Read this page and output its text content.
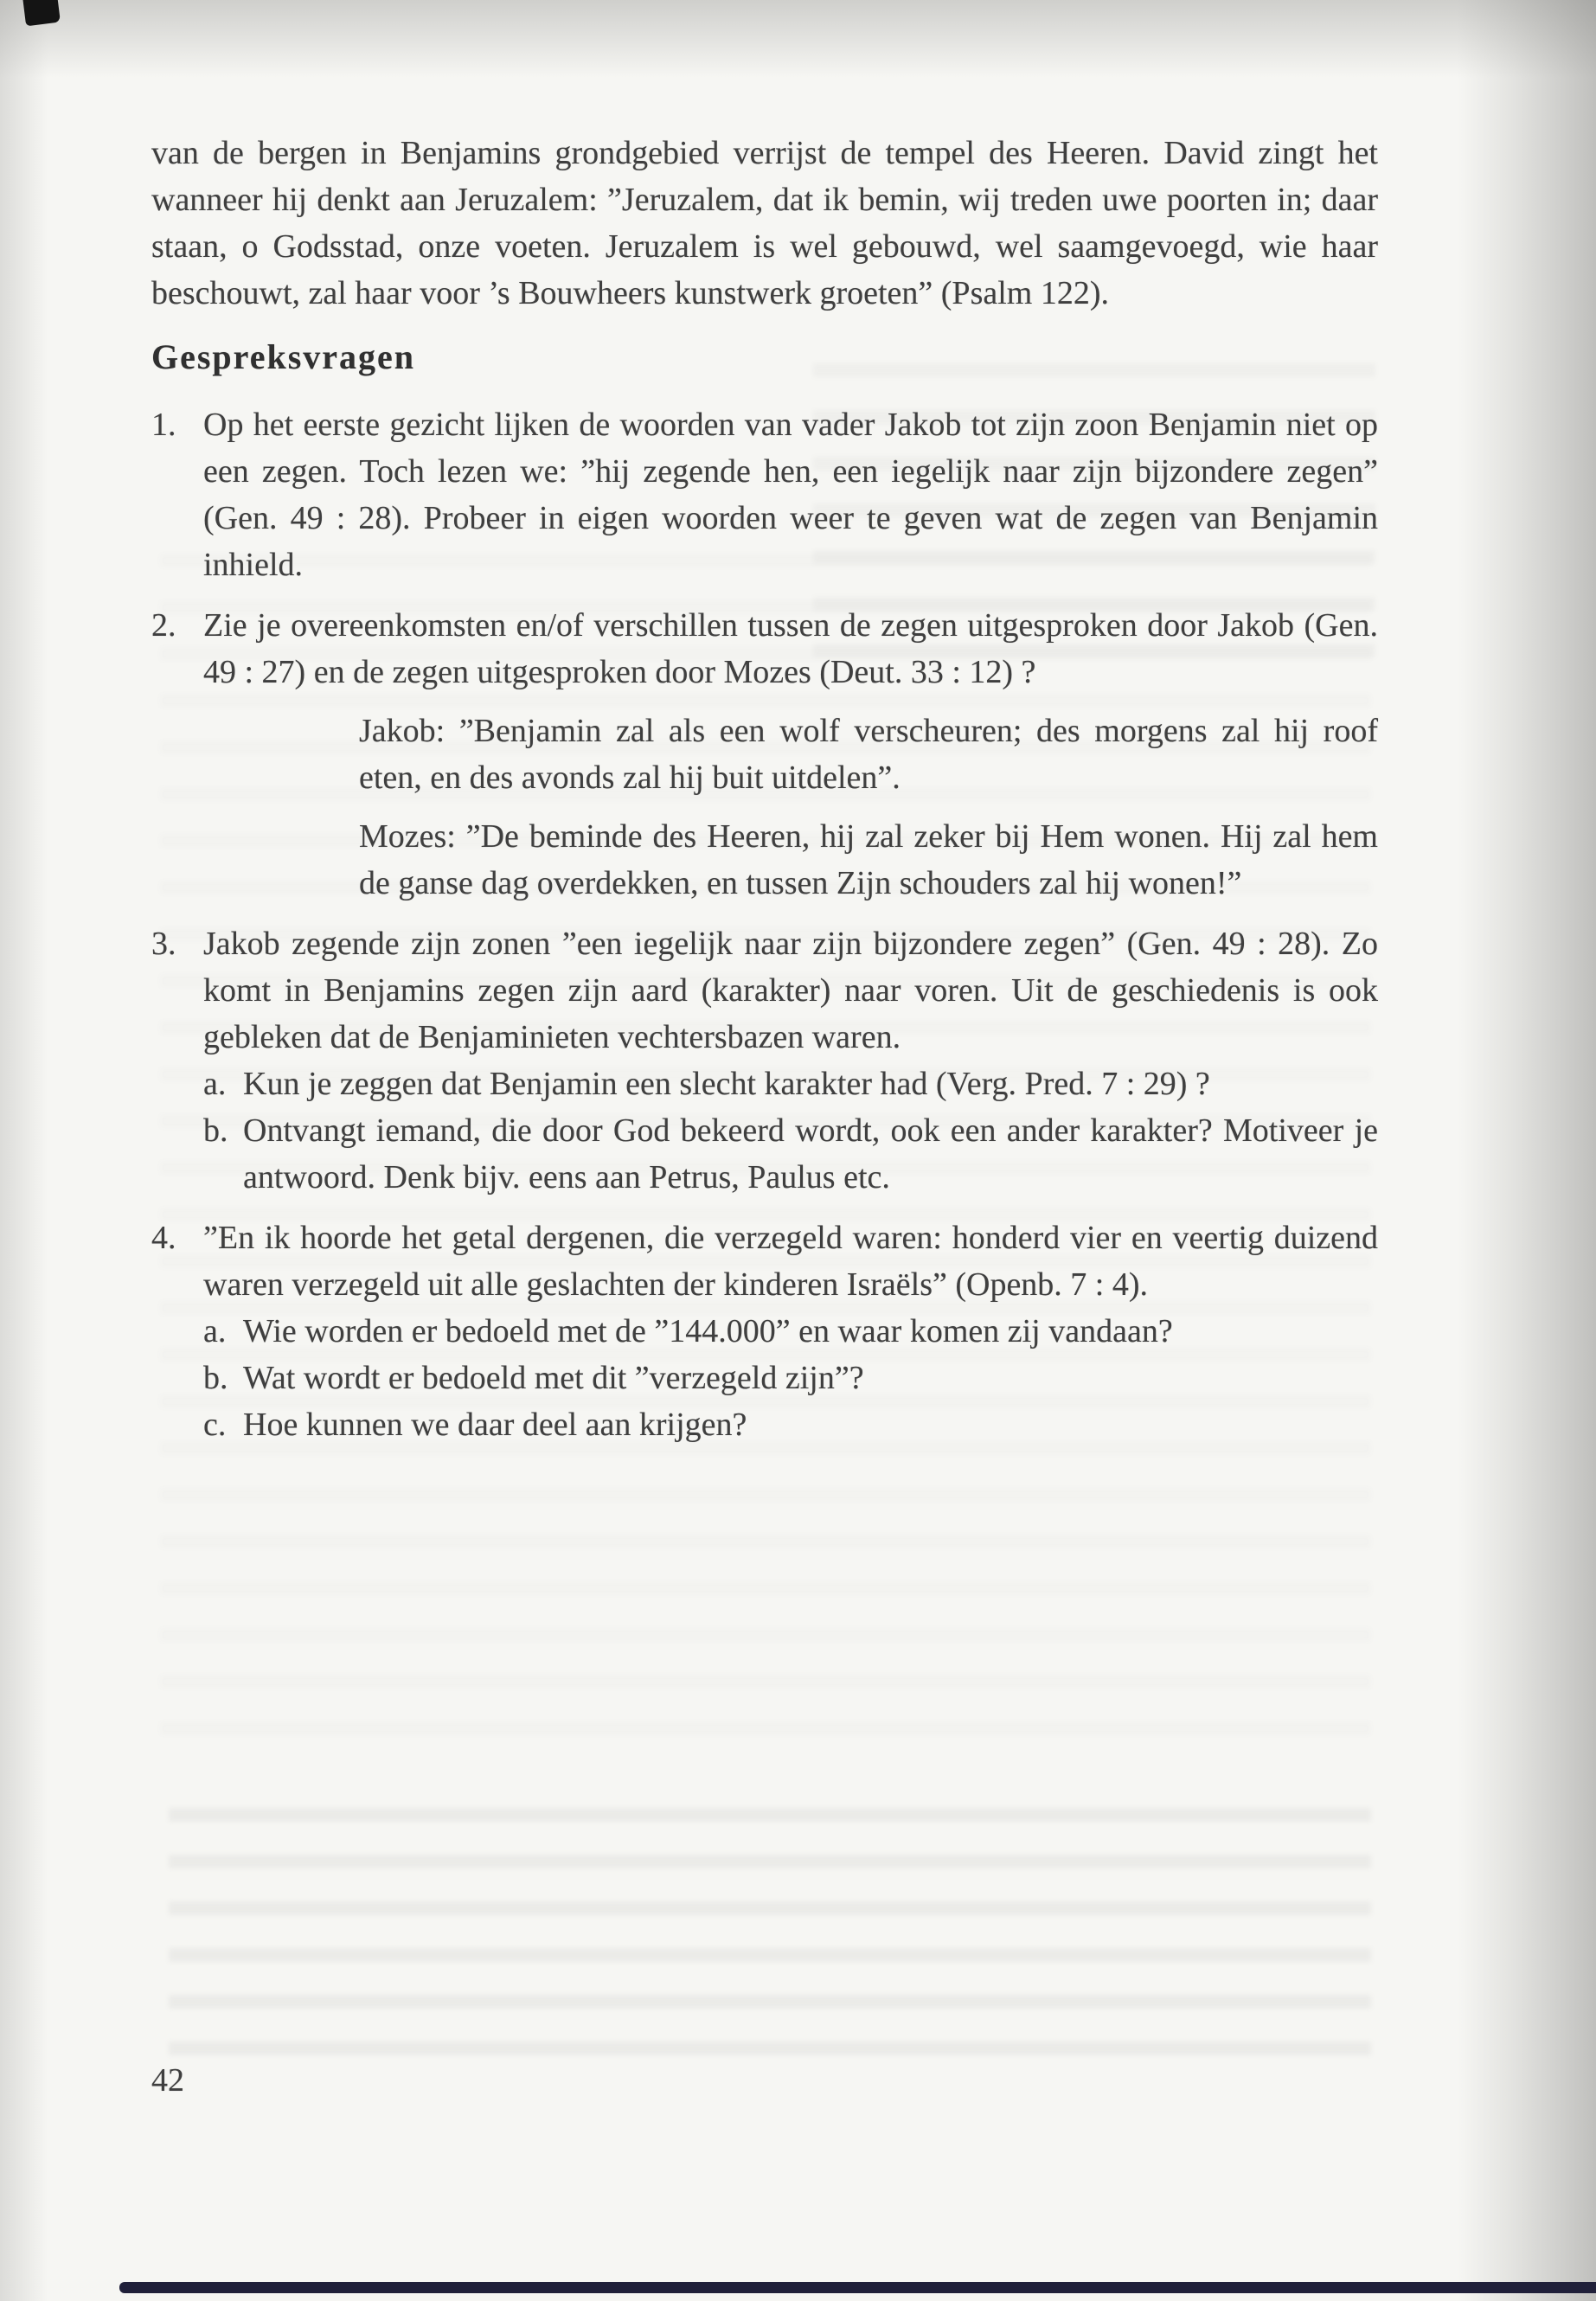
van de bergen in Benjamins grondgebied verrijst de tempel des Heeren. David zingt het wanneer hij denkt aan Jeruzalem: ”Jeruzalem, dat ik bemin, wij treden uwe poorten in; daar staan, o Godsstad, onze voeten. Jeruzalem is wel gebouwd, wel saamgevoegd, wie haar beschouwt, zal haar voor ’s Bouwheers kunstwerk groeten” (Psalm 122).

Gespreksvragen
1. Op het eerste gezicht lijken de woorden van vader Jakob tot zijn zoon Benjamin niet op een zegen. Toch lezen we: ”hij zegende hen, een iegelijk naar zijn bijzondere zegen” (Gen. 49 : 28). Probeer in eigen woorden weer te geven wat de zegen van Benjamin inhield.

2. Zie je overeenkomsten en/of verschillen tussen de zegen uitgesproken door Jakob (Gen. 49 : 27) en de zegen uitgesproken door Mozes (Deut. 33 : 12) ?

Jakob: ”Benjamin zal als een wolf verscheuren; des morgens zal hij roof eten, en des avonds zal hij buit uitdelen”.

Mozes: ”De beminde des Heeren, hij zal zeker bij Hem wonen. Hij zal hem de ganse dag overdekken, en tussen Zijn schouders zal hij wonen!”

3. Jakob zegende zijn zonen ”een iegelijk naar zijn bijzondere zegen” (Gen. 49 : 28). Zo komt in Benjamins zegen zijn aard (karakter) naar voren. Uit de geschiedenis is ook gebleken dat de Benjaminieten vechtersbazen waren.

a. Kun je zeggen dat Benjamin een slecht karakter had (Verg. Pred. 7 : 29) ?

b. Ontvangt iemand, die door God bekeerd wordt, ook een ander karakter? Motiveer je antwoord. Denk bijv. eens aan Petrus, Paulus etc.

4. ”En ik hoorde het getal dergenen, die verzegeld waren: honderd vier en veertig duizend waren verzegeld uit alle geslachten der kinderen Israëls” (Openb. 7 : 4).

a. Wie worden er bedoeld met de ”144.000” en waar komen zij vandaan?

b. Wat wordt er bedoeld met dit ”verzegeld zijn”?

c. Hoe kunnen we daar deel aan krijgen?

42
